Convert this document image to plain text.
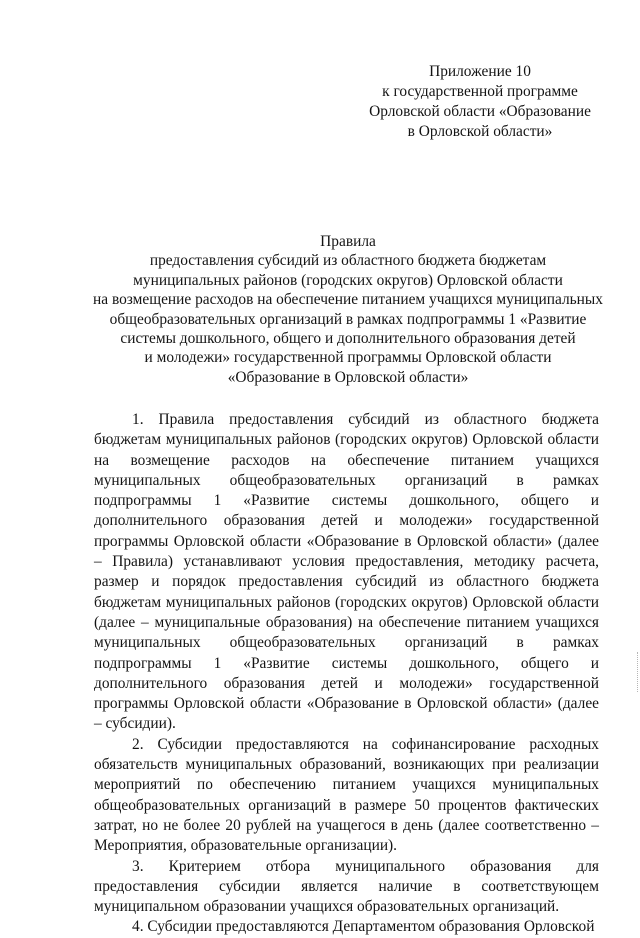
Приложение 10
к государственной программе
Орловской области «Образование
в Орловской области»
Правила
предоставления субсидий из областного бюджета бюджетам
муниципальных районов (городских округов) Орловской области
на возмещение расходов на обеспечение питанием учащихся муниципальных
общеобразовательных организаций в рамках подпрограммы 1 «Развитие
системы дошкольного, общего и дополнительного образования детей
и молодежи» государственной программы Орловской области
«Образование в Орловской области»

1. Правила предоставления субсидий из областного бюджета бюджетам муниципальных районов (городских округов) Орловской области на возмещение расходов на обеспечение питанием учащихся муниципальных общеобразовательных организаций в рамках подпрограммы 1 «Развитие системы дошкольного, общего и дополнительного образования детей и молодежи» государственной программы Орловской области «Образование в Орловской области» (далее – Правила) устанавливают условия предоставления, методику расчета, размер и порядок предоставления субсидий из областного бюджета бюджетам муниципальных районов (городских округов) Орловской области (далее – муниципальные образования) на обеспечение питанием учащихся муниципальных общеобразовательных организаций в рамках подпрограммы 1 «Развитие системы дошкольного, общего и дополнительного образования детей и молодежи» государственной программы Орловской области «Образование в Орловской области» (далее – субсидии).

2. Субсидии предоставляются на софинансирование расходных обязательств муниципальных образований, возникающих при реализации мероприятий по обеспечению питанием учащихся муниципальных общеобразовательных организаций в размере 50 процентов фактических затрат, но не более 20 рублей на учащегося в день (далее соответственно – Мероприятия, образовательные организации).

3. Критерием отбора муниципального образования для предоставления субсидии является наличие в соответствующем муниципальном образовании учащихся образовательных организаций.

4. Субсидии предоставляются Департаментом образования Орловской
